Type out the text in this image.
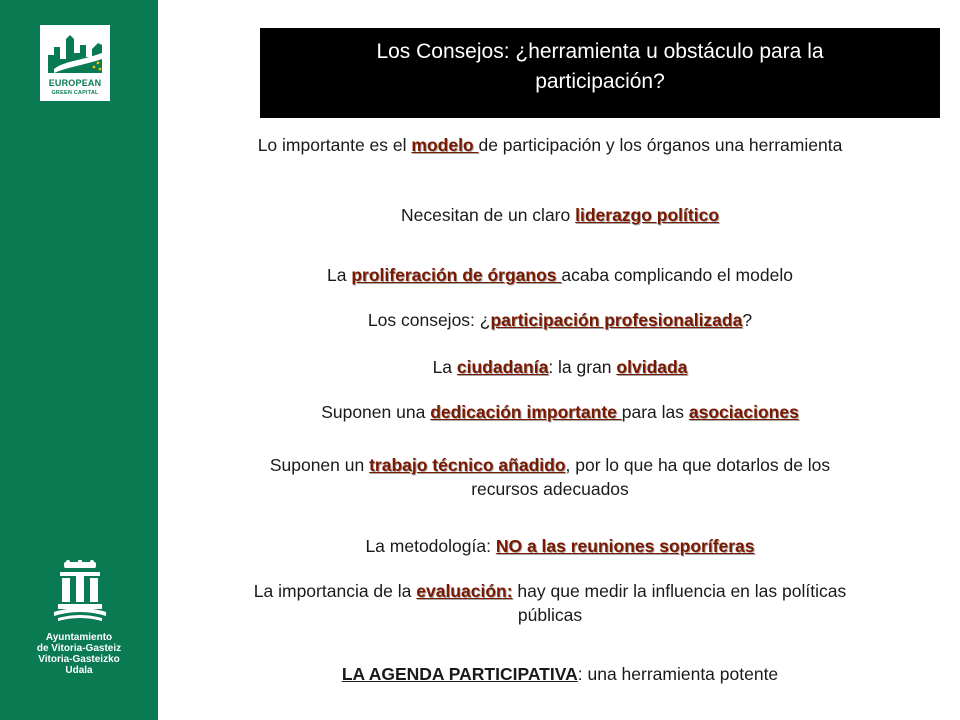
EUROPEAN
GREEN CAPITAL
Ayuntamiento
de Vitoria-Gasteiz
Vitoria-Gasteizko
Udala
Los Consejos: ¿herramienta u obstáculo para la
participación?
Lo importante es el modelo de participación y los órganos una herramienta
Necesitan de un claro liderazgo político
La proliferación de órganos acaba complicando el modelo
Los consejos: ¿participación profesionalizada?
La ciudadanía: la gran olvidada
Suponen una dedicación importante para las asociaciones
Suponen un trabajo técnico añadido, por lo que ha que dotarlos de los recursos adecuados
La metodología: NO a las reuniones soporíferas
La importancia de la evaluación: hay que medir la influencia en las políticas públicas
LA AGENDA PARTICIPATIVA: una herramienta potente
